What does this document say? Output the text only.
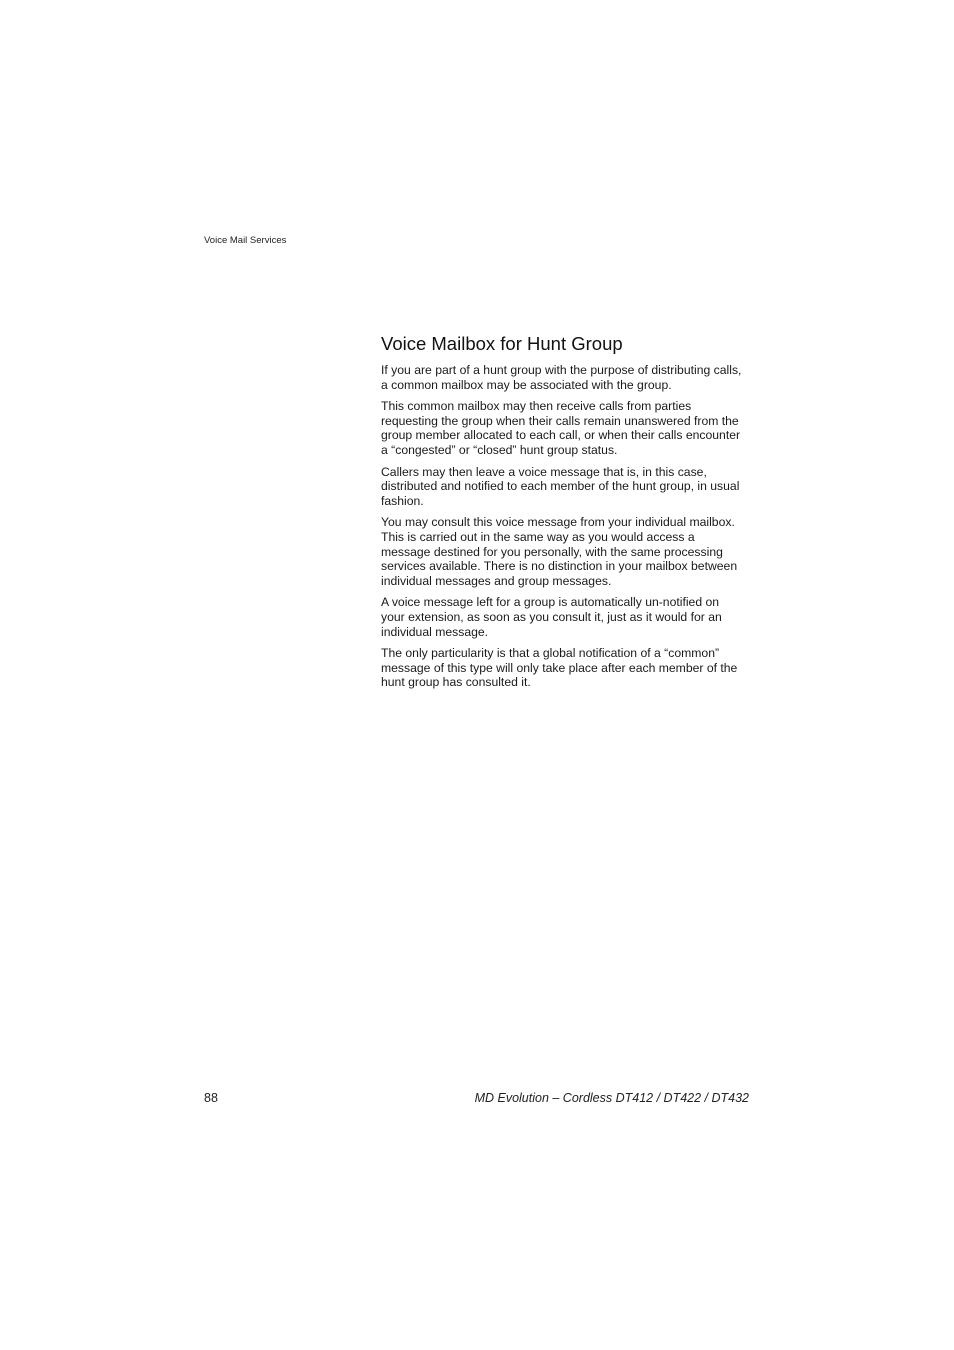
Voice Mail Services
Voice Mailbox for Hunt Group

If you are part of a hunt group with the purpose of distributing calls,
a common mailbox may be associated with the group.

This common mailbox may then receive calls from parties
requesting the group when their calls remain unanswered from the
group member allocated to each call, or when their calls encounter
a “congested” or “closed” hunt group status.

Callers may then leave a voice message that is, in this case,
distributed and notified to each member of the hunt group, in usual
fashion.

You may consult this voice message from your individual mailbox.
This is carried out in the same way as you would access a
message destined for you personally, with the same processing
services available. There is no distinction in your mailbox between
individual messages and group messages.

A voice message left for a group is automatically un-notified on
your extension, as soon as you consult it, just as it would for an
individual message.

The only particularity is that a global notification of a “common”
message of this type will only take place after each member of the
hunt group has consulted it.

88	MD Evolution – Cordless DT412 / DT422 / DT432
